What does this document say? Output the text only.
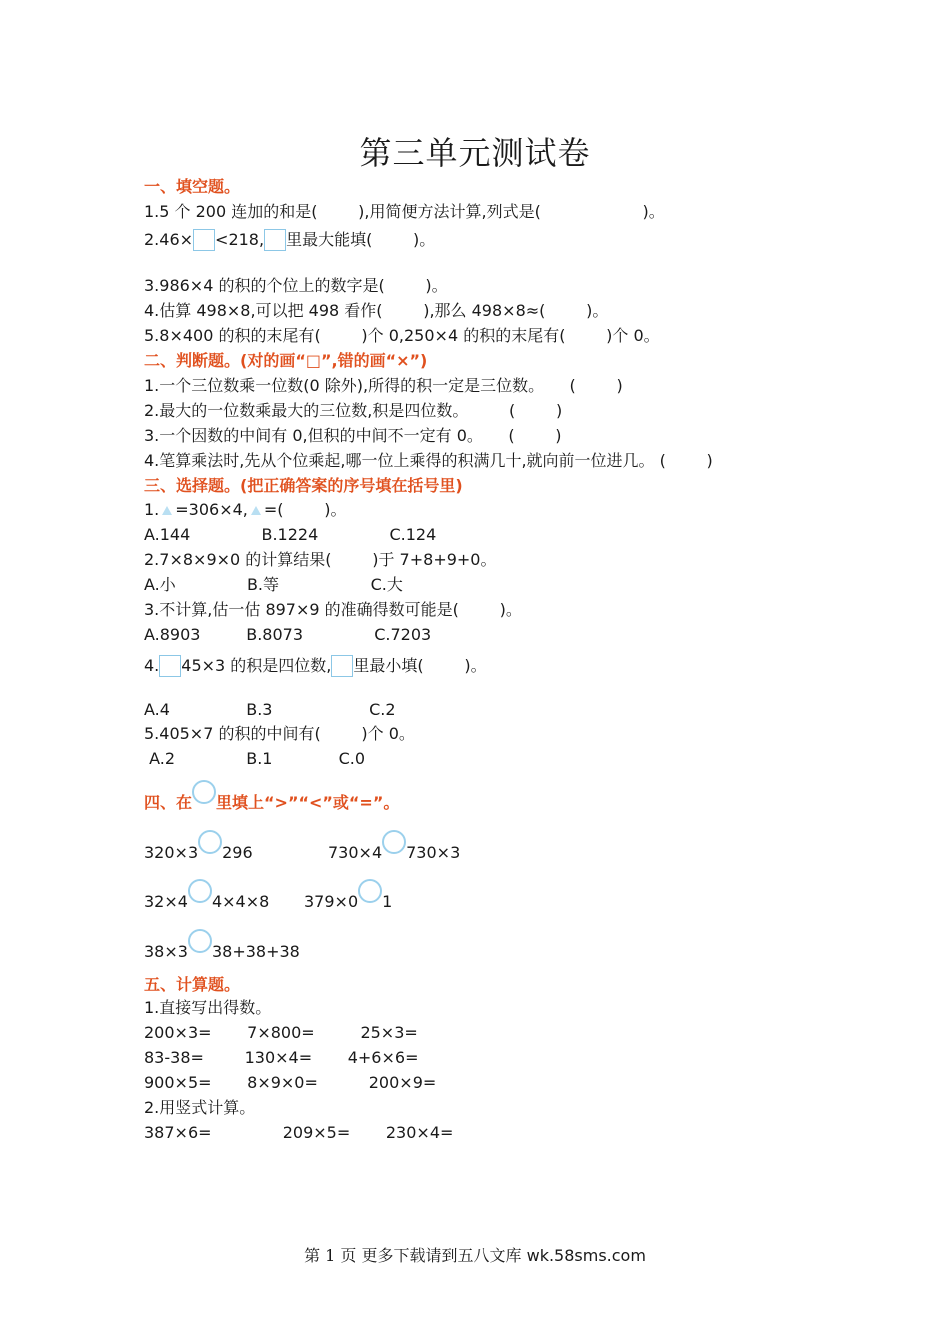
第三单元测试卷
一、填空题。
1.5 个 200 连加的和是(        ),用简便方法计算,列式是(                    )。
2.46× <218, 里最大能填(        )。
3.986×4 的积的个位上的数字是(        )。
4.估算 498×8,可以把 498 看作(        ),那么 498×8≈(        )。
5.8×400 的积的末尾有(        )个 0,250×4 的积的末尾有(        )个 0。
二、判断题。(对的画“□”,错的画“×”)
1.一个三位数乘一位数(0 除外),所得的积一定是三位数。     (        )
2.最大的一位数乘最大的三位数,积是四位数。        (        )
3.一个因数的中间有 0,但积的中间不一定有 0。     (        )
4.笔算乘法时,先从个位乘起,哪一位上乘得的积满几十,就向前一位进几。 (        )
三、选择题。(把正确答案的序号填在括号里)
1. =306×4, =(        )。
A.144              B.1224              C.124
2.7×8×9×0 的计算结果(        )于 7+8+9+0。
A.小              B.等                  C.大
3.不计算,估一估 897×9 的准确得数可能是(        )。
A.8903         B.8073              C.7203
4. 45×3 的积是四位数, 里最小填(        )。
A.4               B.3                   C.2
5.405×7 的积的中间有(        )个 0。
A.2              B.1             C.0
四、在 里填上“>”“<”或“=”。
320×3 296	730×4 730×3
32×4 4×4×8 379×0 1
38×3 38+38+38
五、计算题。
1.直接写出得数。
200×3=       7×800=         25×3=
83-38=        130×4=       4+6×6=
900×5=       8×9×0=          200×9=
2.用竖式计算。
387×6=              209×5=       230×4=
第 1 页 更多下载请到五八文库 wk.58sms.com
